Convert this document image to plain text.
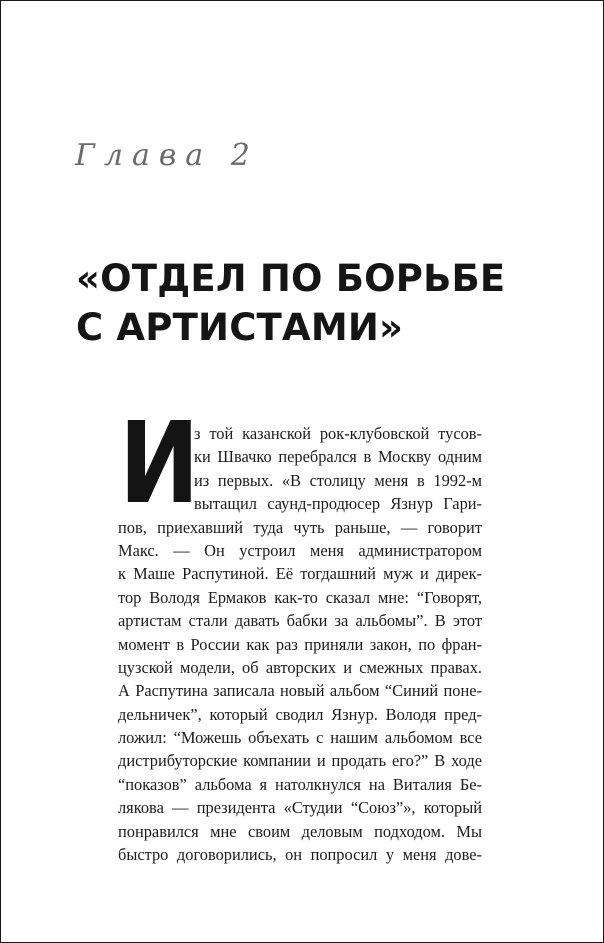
Глава 2
«ОТДЕЛ ПО БОРЬБЕ
С АРТИСТАМИ»
И
з той казанской рок-клубовской тусов-
ки Швачко перебрался в Москву одним
из первых. «В столицу меня в 1992-м
вытащил саунд-продюсер Язнур Гари-
пов, приехавший туда чуть раньше, — говорит
Макс. — Он устроил меня администратором
к Маше Распутиной. Её тогдашний муж и дирек-
тор Володя Ермаков как-то сказал мне: “Говорят,
артистам стали давать бабки за альбомы”. В этот
момент в России как раз приняли закон, по фран-
цузской модели, об авторских и смежных правах.
А Распутина записала новый альбом “Синий поне-
дельничек”, который сводил Язнур. Володя пред-
ложил: “Можешь объехать с нашим альбомом все
дистрибуторские компании и продать его?” В ходе
“показов” альбома я натолкнулся на Виталия Бе-
лякова — президента «Студии “Союз”», который
понравился мне своим деловым подходом. Мы
быстро договорились, он попросил у меня дове-
